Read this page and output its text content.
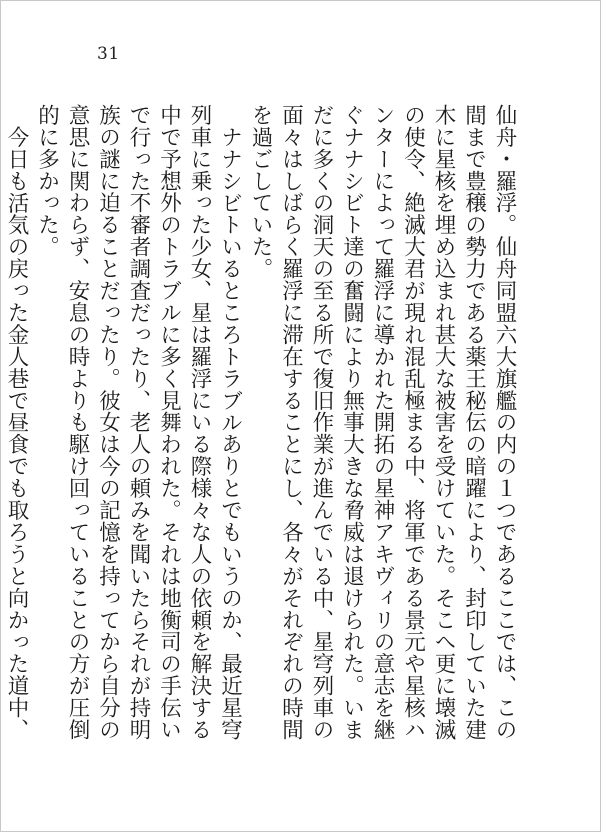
31

仙舟・羅浮。仙舟同盟六大旗艦の内の１つであるここでは、この間まで豊穣の勢力である薬王秘伝の暗躍により、封印していた建木に星核を埋め込まれ甚大な被害を受けていた。そこへ更に壊滅の使令、絶滅大君が現れ混乱極まる中、将軍である景元や星核ハンターによって羅浮に導かれた開拓の星神アキヴィリの意志を継ぐナナシビト達の奮闘により無事大きな脅威は退けられた。いまだに多くの洞天の至る所で復旧作業が進んでいる中、星穹列車の面々はしばらく羅浮に滞在することにし、各々がそれぞれの時間を過ごしていた。

ナナシビトいるところトラブルありとでもいうのか、最近星穹列車に乗った少女、星は羅浮にいる際様々な人の依頼を解決する中で予想外のトラブルに多く見舞われた。それは地衡司の手伝いで行った不審者調査だったり、老人の頼みを聞いたらそれが持明族の謎に迫ることだったり。彼女は今の記憶を持ってから自分の意思に関わらず、安息の時よりも駆け回っていることの方が圧倒的に多かった。

今日も活気の戻った金人巷で昼食でも取ろうと向かった道中、
